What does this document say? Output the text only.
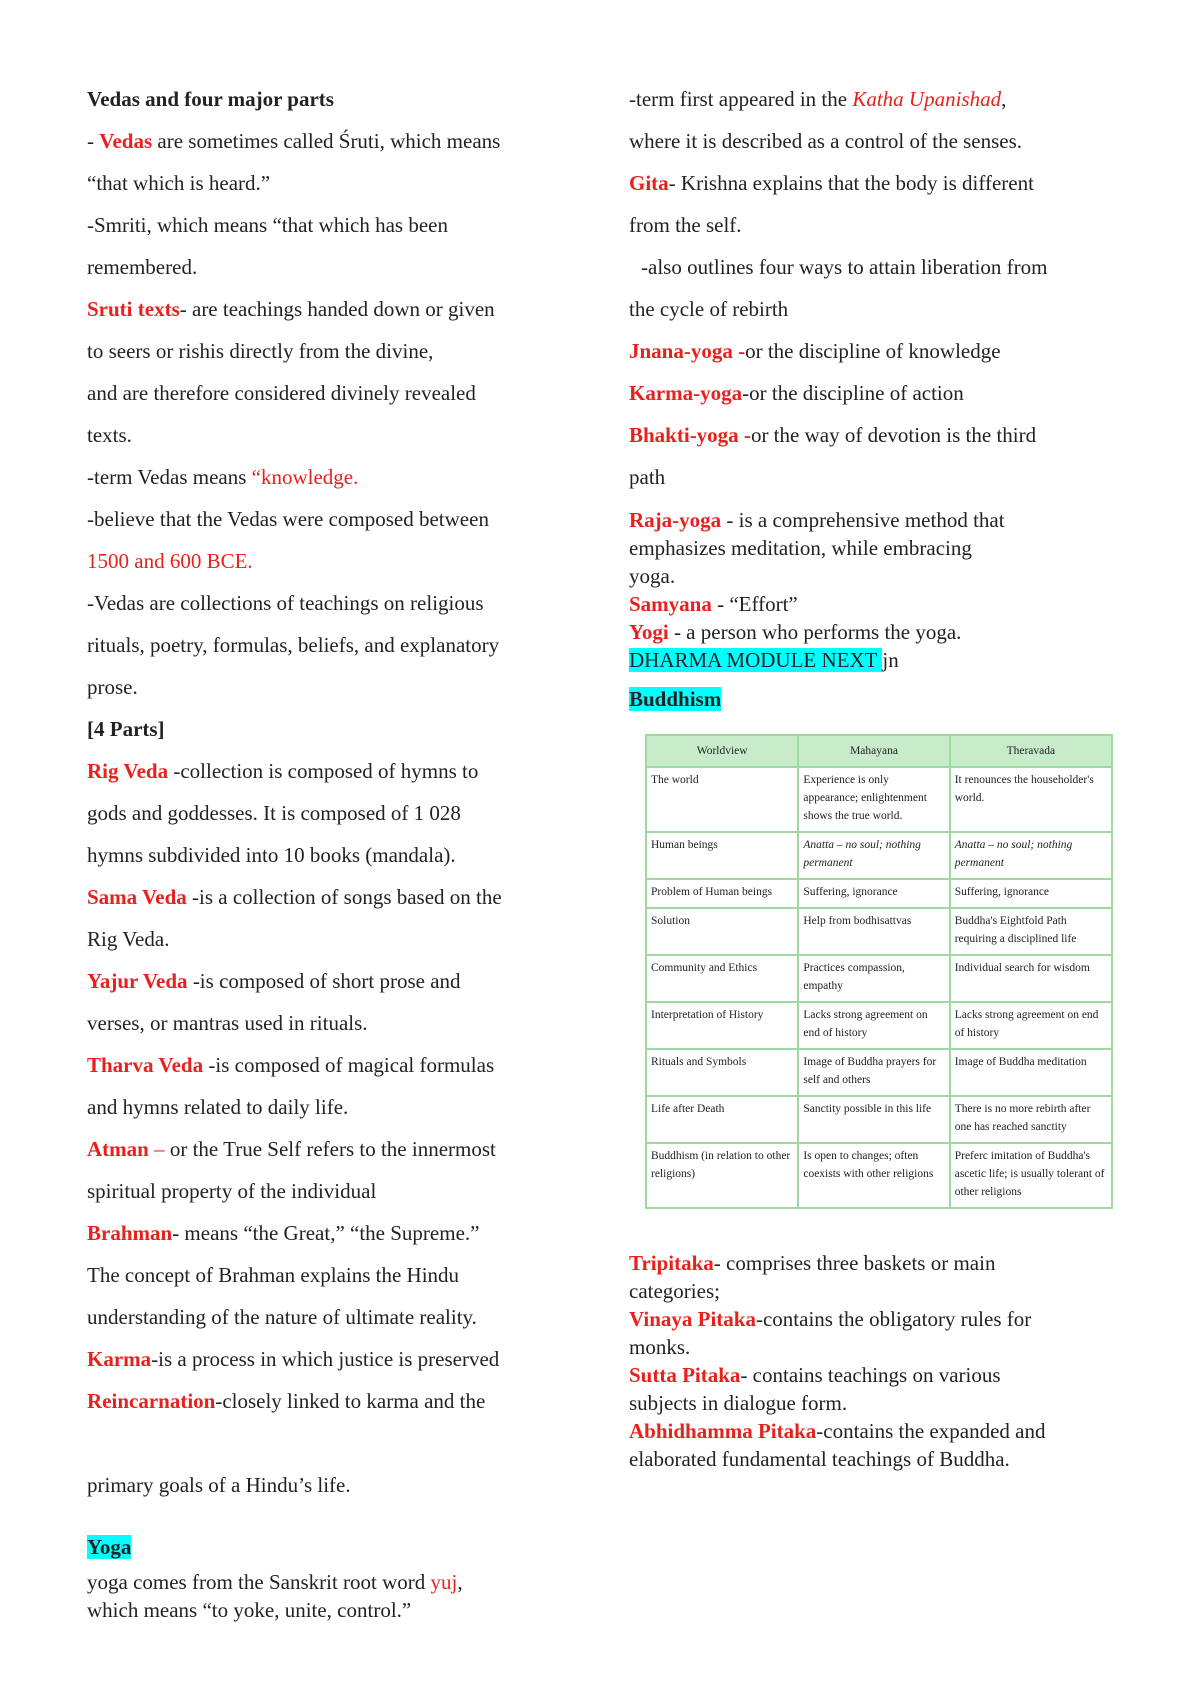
Vedas and four major parts

- Vedas are sometimes called Śruti, which means

“that which is heard.”

-Smriti, which means “that which has been

remembered.

Sruti texts- are teachings handed down or given

to seers or rishis directly from the divine,

and are therefore considered divinely revealed

texts.

-term Vedas means “knowledge.

-believe that the Vedas were composed between

1500 and 600 BCE.

-Vedas are collections of teachings on religious

rituals, poetry, formulas, beliefs, and explanatory

prose.

[4 Parts]

Rig Veda -collection is composed of hymns to

gods and goddesses. It is composed of 1 028

hymns subdivided into 10 books (mandala).

Sama Veda -is a collection of songs based on the

Rig Veda.

Yajur Veda -is composed of short prose and

verses, or mantras used in rituals.

Tharva Veda -is composed of magical formulas

and hymns related to daily life.

Atman – or the True Self refers to the innermost

spiritual property of the individual

Brahman- means “the Great,” “the Supreme.”

The concept of Brahman explains the Hindu

understanding of the nature of ultimate reality.

Karma-is a process in which justice is preserved

Reincarnation-closely linked to karma and the

primary goals of a Hindu’s life.

Yoga

yoga comes from the Sanskrit root word yuj,

which means “to yoke, unite, control.”

-term first appeared in the Katha Upanishad,

where it is described as a control of the senses.

Gita- Krishna explains that the body is different

from the self.

-also outlines four ways to attain liberation from

the cycle of rebirth

Jnana-yoga -or the discipline of knowledge

Karma-yoga-or the discipline of action

Bhakti-yoga -or the way of devotion is the third

path

Raja-yoga - is a comprehensive method that

emphasizes meditation, while embracing

yoga.

Samyana - “Effort”

Yogi - a person who performs the yoga.

DHARMA MODULE NEXT jn

Buddhism

Worldview	Mahayana	Theravada
The world	Experience is only appearance; enlightenment shows the true world.	It renounces the householder's world.
Human beings	Anatta – no soul; nothing permanent	Anatta – no soul; nothing permanent
Problem of Human beings	Suffering, ignorance	Suffering, ignorance
Solution	Help from bodhisattvas	Buddha's Eightfold Path requiring a disciplined life
Community and Ethics	Practices compassion, empathy	Individual search for wisdom
Interpretation of History	Lacks strong agreement on end of history	Lacks strong agreement on end of history
Rituals and Symbols	Image of Buddha prayers for self and others	Image of Buddha meditation
Life after Death	Sanctity possible in this life	There is no more rebirth after one has reached sanctity
Buddhism (in relation to other religions)	Is open to changes; often coexists with other religions	Preferc imitation of Buddha's ascetic life; is usually tolerant of other religions

Tripitaka- comprises three baskets or main

categories;

Vinaya Pitaka-contains the obligatory rules for

monks.

Sutta Pitaka- contains teachings on various

subjects in dialogue form.

Abhidhamma Pitaka-contains the expanded and

elaborated fundamental teachings of Buddha.
